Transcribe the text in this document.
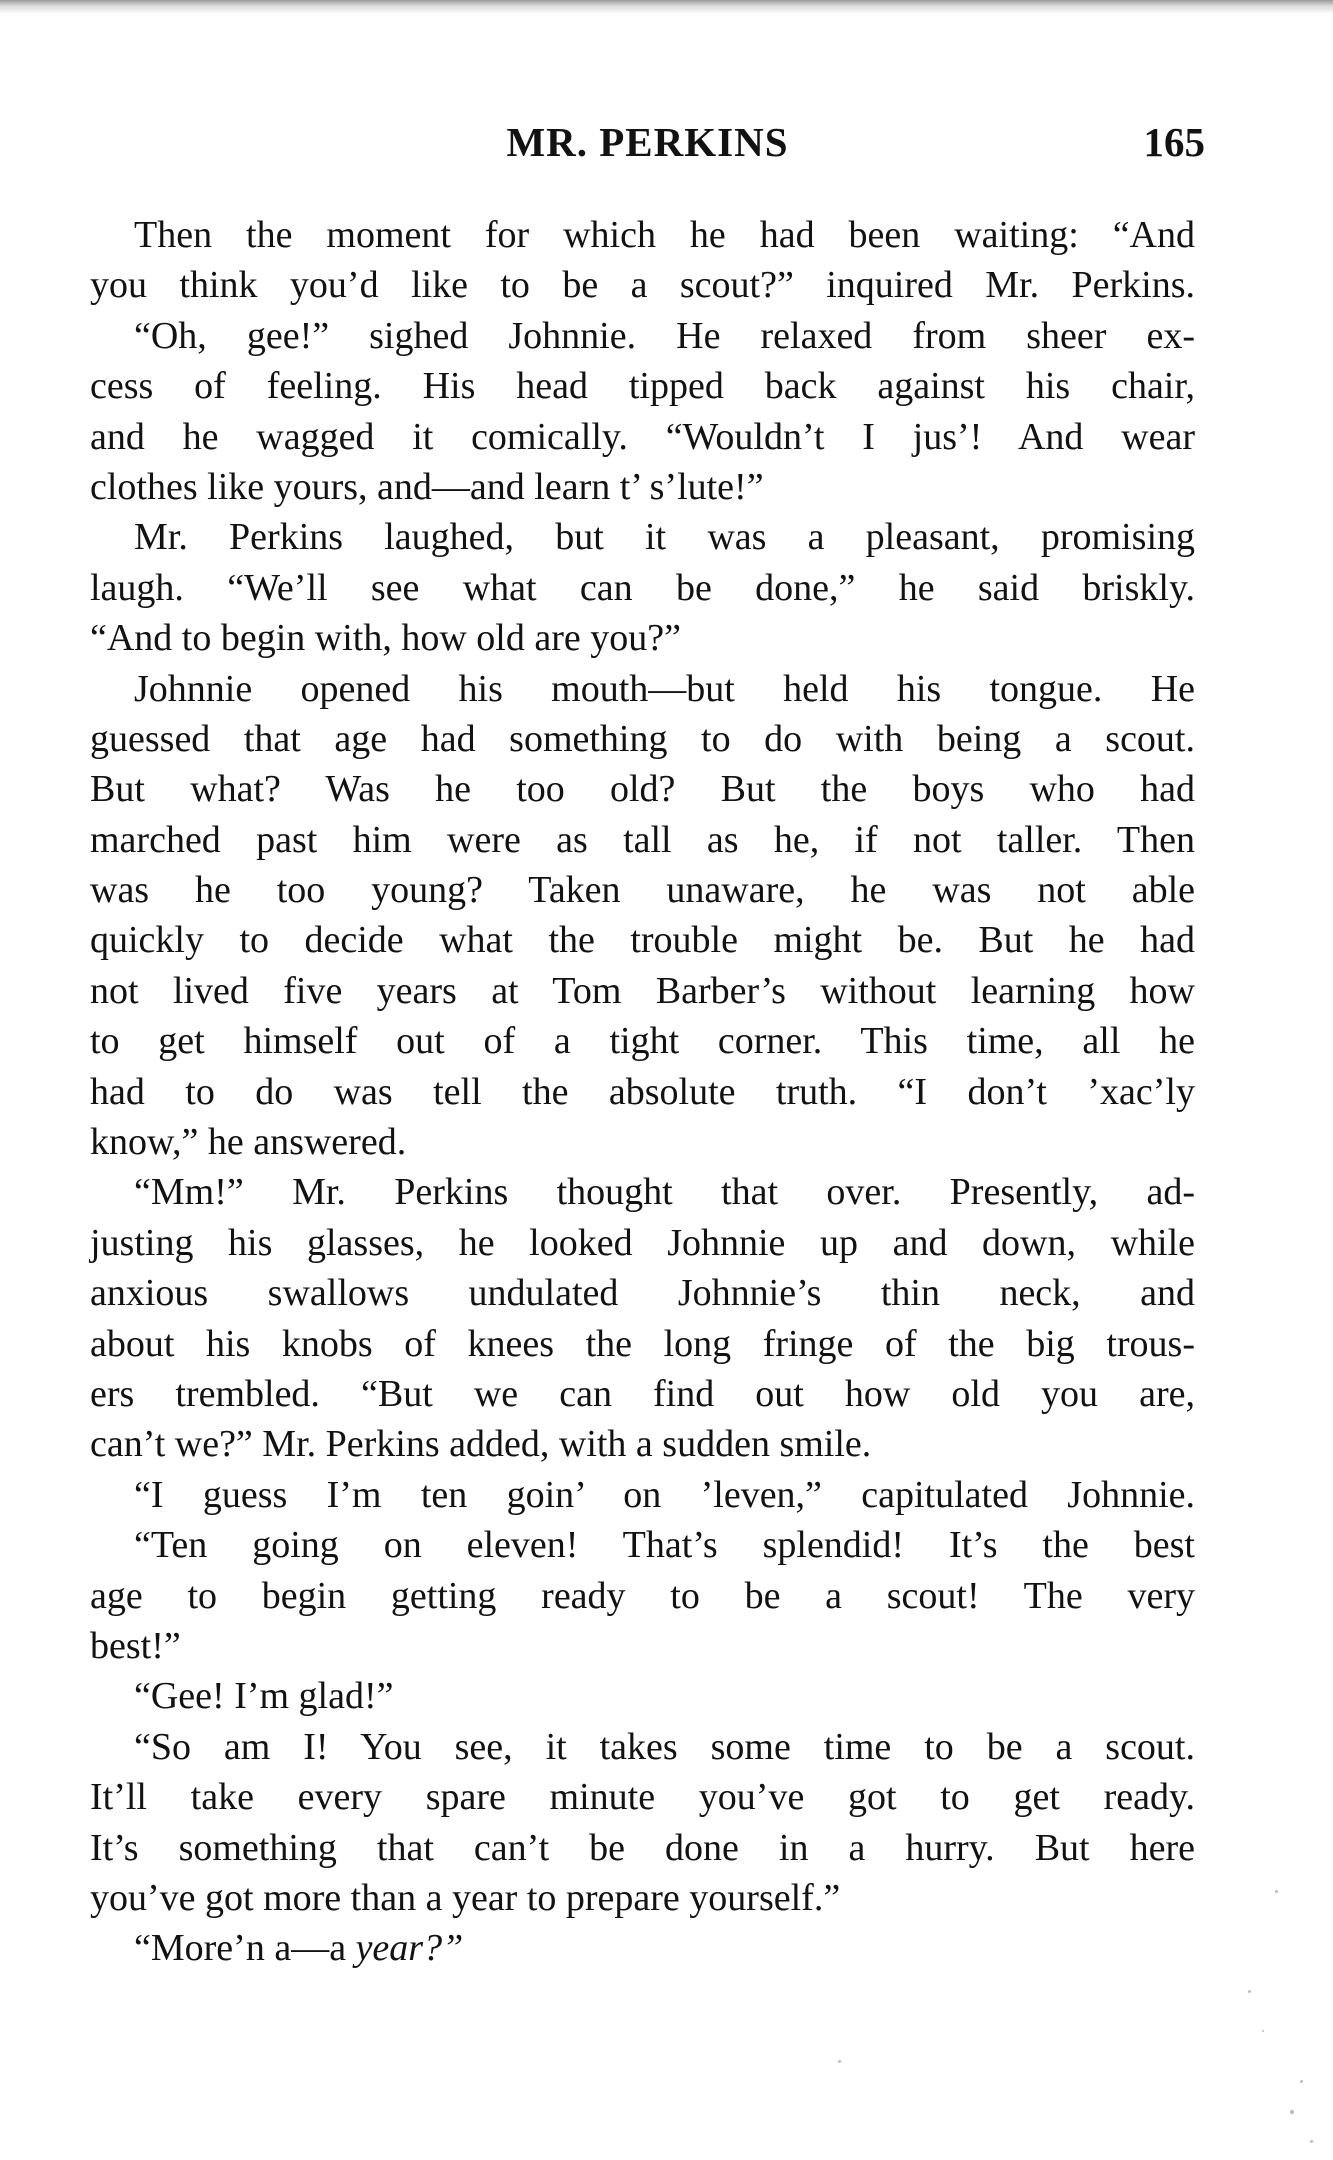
MR. PERKINS	165
Then the moment for which he had been waiting: “And
you think you’d like to be a scout?” inquired Mr. Perkins.
“Oh, gee!” sighed Johnnie. He relaxed from sheer ex-
cess of feeling. His head tipped back against his chair,
and he wagged it comically. “Wouldn’t I jus’! And wear
clothes like yours, and—and learn t’ s’lute!”
Mr. Perkins laughed, but it was a pleasant, promising
laugh. “We’ll see what can be done,” he said briskly.
“And to begin with, how old are you?”
Johnnie opened his mouth—but held his tongue. He
guessed that age had something to do with being a scout.
But what? Was he too old? But the boys who had
marched past him were as tall as he, if not taller. Then
was he too young? Taken unaware, he was not able
quickly to decide what the trouble might be. But he had
not lived five years at Tom Barber’s without learning how
to get himself out of a tight corner. This time, all he
had to do was tell the absolute truth. “I don’t ’xac’ly
know,” he answered.
“Mm!” Mr. Perkins thought that over. Presently, ad-
justing his glasses, he looked Johnnie up and down, while
anxious swallows undulated Johnnie’s thin neck, and
about his knobs of knees the long fringe of the big trous-
ers trembled. “But we can find out how old you are,
can’t we?” Mr. Perkins added, with a sudden smile.
“I guess I’m ten goin’ on ’leven,” capitulated Johnnie.
“Ten going on eleven! That’s splendid! It’s the best
age to begin getting ready to be a scout! The very
best!”
“Gee! I’m glad!”
“So am I! You see, it takes some time to be a scout.
It’ll take every spare minute you’ve got to get ready.
It’s something that can’t be done in a hurry. But here
you’ve got more than a year to prepare yourself.”
“More’n a—a year?”
